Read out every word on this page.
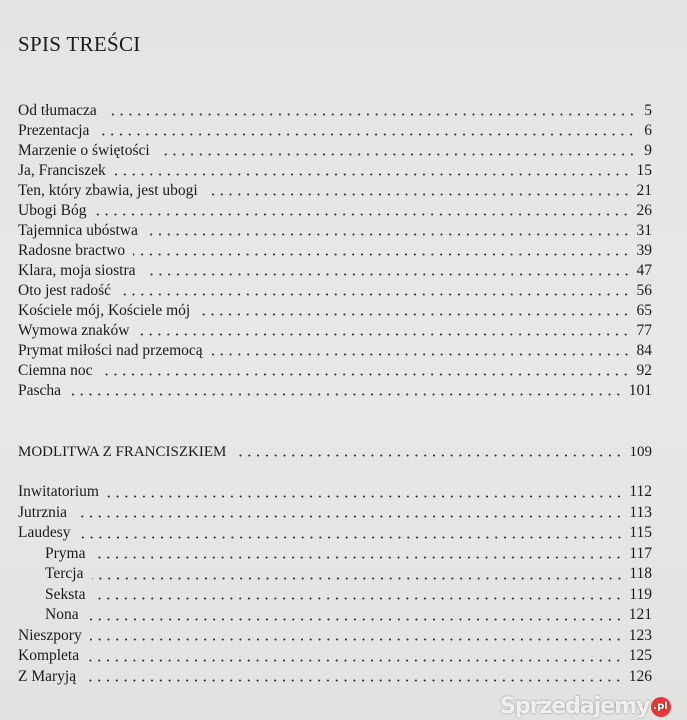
SPIS TREŚCI
Od tłumacza	5
Prezentacja	6
Marzenie o świętości	9
Ja, Franciszek	15
Ten, który zbawia, jest ubogi	21
Ubogi Bóg	26
Tajemnica ubóstwa	31
Radosne bractwo	39
Klara, moja siostra	47
Oto jest radość	56
Kościele mój, Kościele mój	65
Wymowa znaków	77
Prymat miłości nad przemocą	84
Ciemna noc	92
Pascha	101
MODLITWA Z FRANCISZKIEM	109
Inwitatorium	112
Jutrznia	113
Laudesy	115
Pryma	117
Tercja	118
Seksta	119
Nona	121
Nieszpory	123
Kompleta	125
Z Maryją	126
Sprzedajemy .pl
